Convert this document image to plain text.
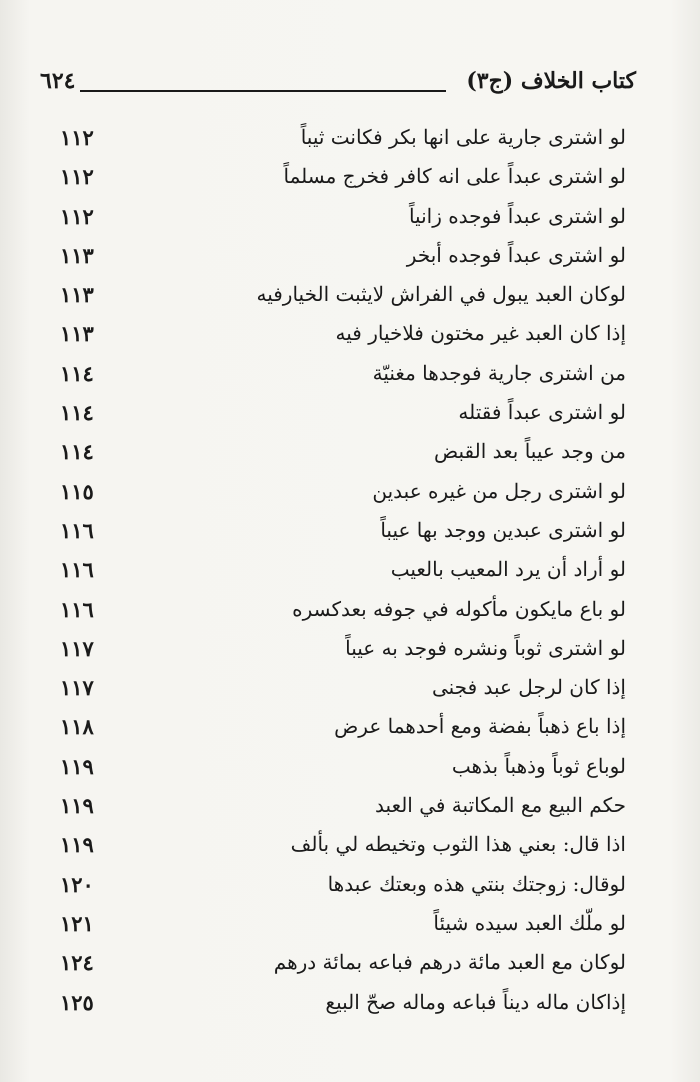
كتاب الخلاف (ج٣)
٦٢٤
لو اشترى جارية على انها بكر فكانت ثيباً
١١٢
لو اشترى عبداً على انه كافر فخرج مسلماً
١١٢
لو اشترى عبداً فوجده زانياً
١١٢
لو اشترى عبداً فوجده أبخر
١١٣
لوكان العبد يبول في الفراش لايثبت الخيارفيه
١١٣
إذا كان العبد غير مختون فلاخيار فيه
١١٣
من اشترى جارية فوجدها مغنيّة
١١٤
لو اشترى عبداً فقتله
١١٤
من وجد عيباً بعد القبض
١١٤
لو اشترى رجل من غيره عبدين
١١٥
لو اشترى عبدين ووجد بها عيباً
١١٦
لو أراد أن يرد المعيب بالعيب
١١٦
لو باع مايكون مأكوله في جوفه بعدكسره
١١٦
لو اشترى ثوباً ونشره فوجد به عيباً
١١٧
إذا كان لرجل عبد فجنى
١١٧
إذا باع ذهباً بفضة ومع أحدهما عرض
١١٨
لوباع ثوباً وذهباً بذهب
١١٩
حكم البيع مع المكاتبة في العبد
١١٩
اذا قال: بعني هذا الثوب وتخيطه لي بألف
١١٩
لوقال: زوجتك بنتي هذه وبعتك عبدها
١٢٠
لو ملّك العبد سيده شيئاً
١٢١
لوكان مع العبد مائة درهم فباعه بمائة درهم
١٢٤
إذاكان ماله ديناً فباعه وماله صحّ البيع
١٢٥
